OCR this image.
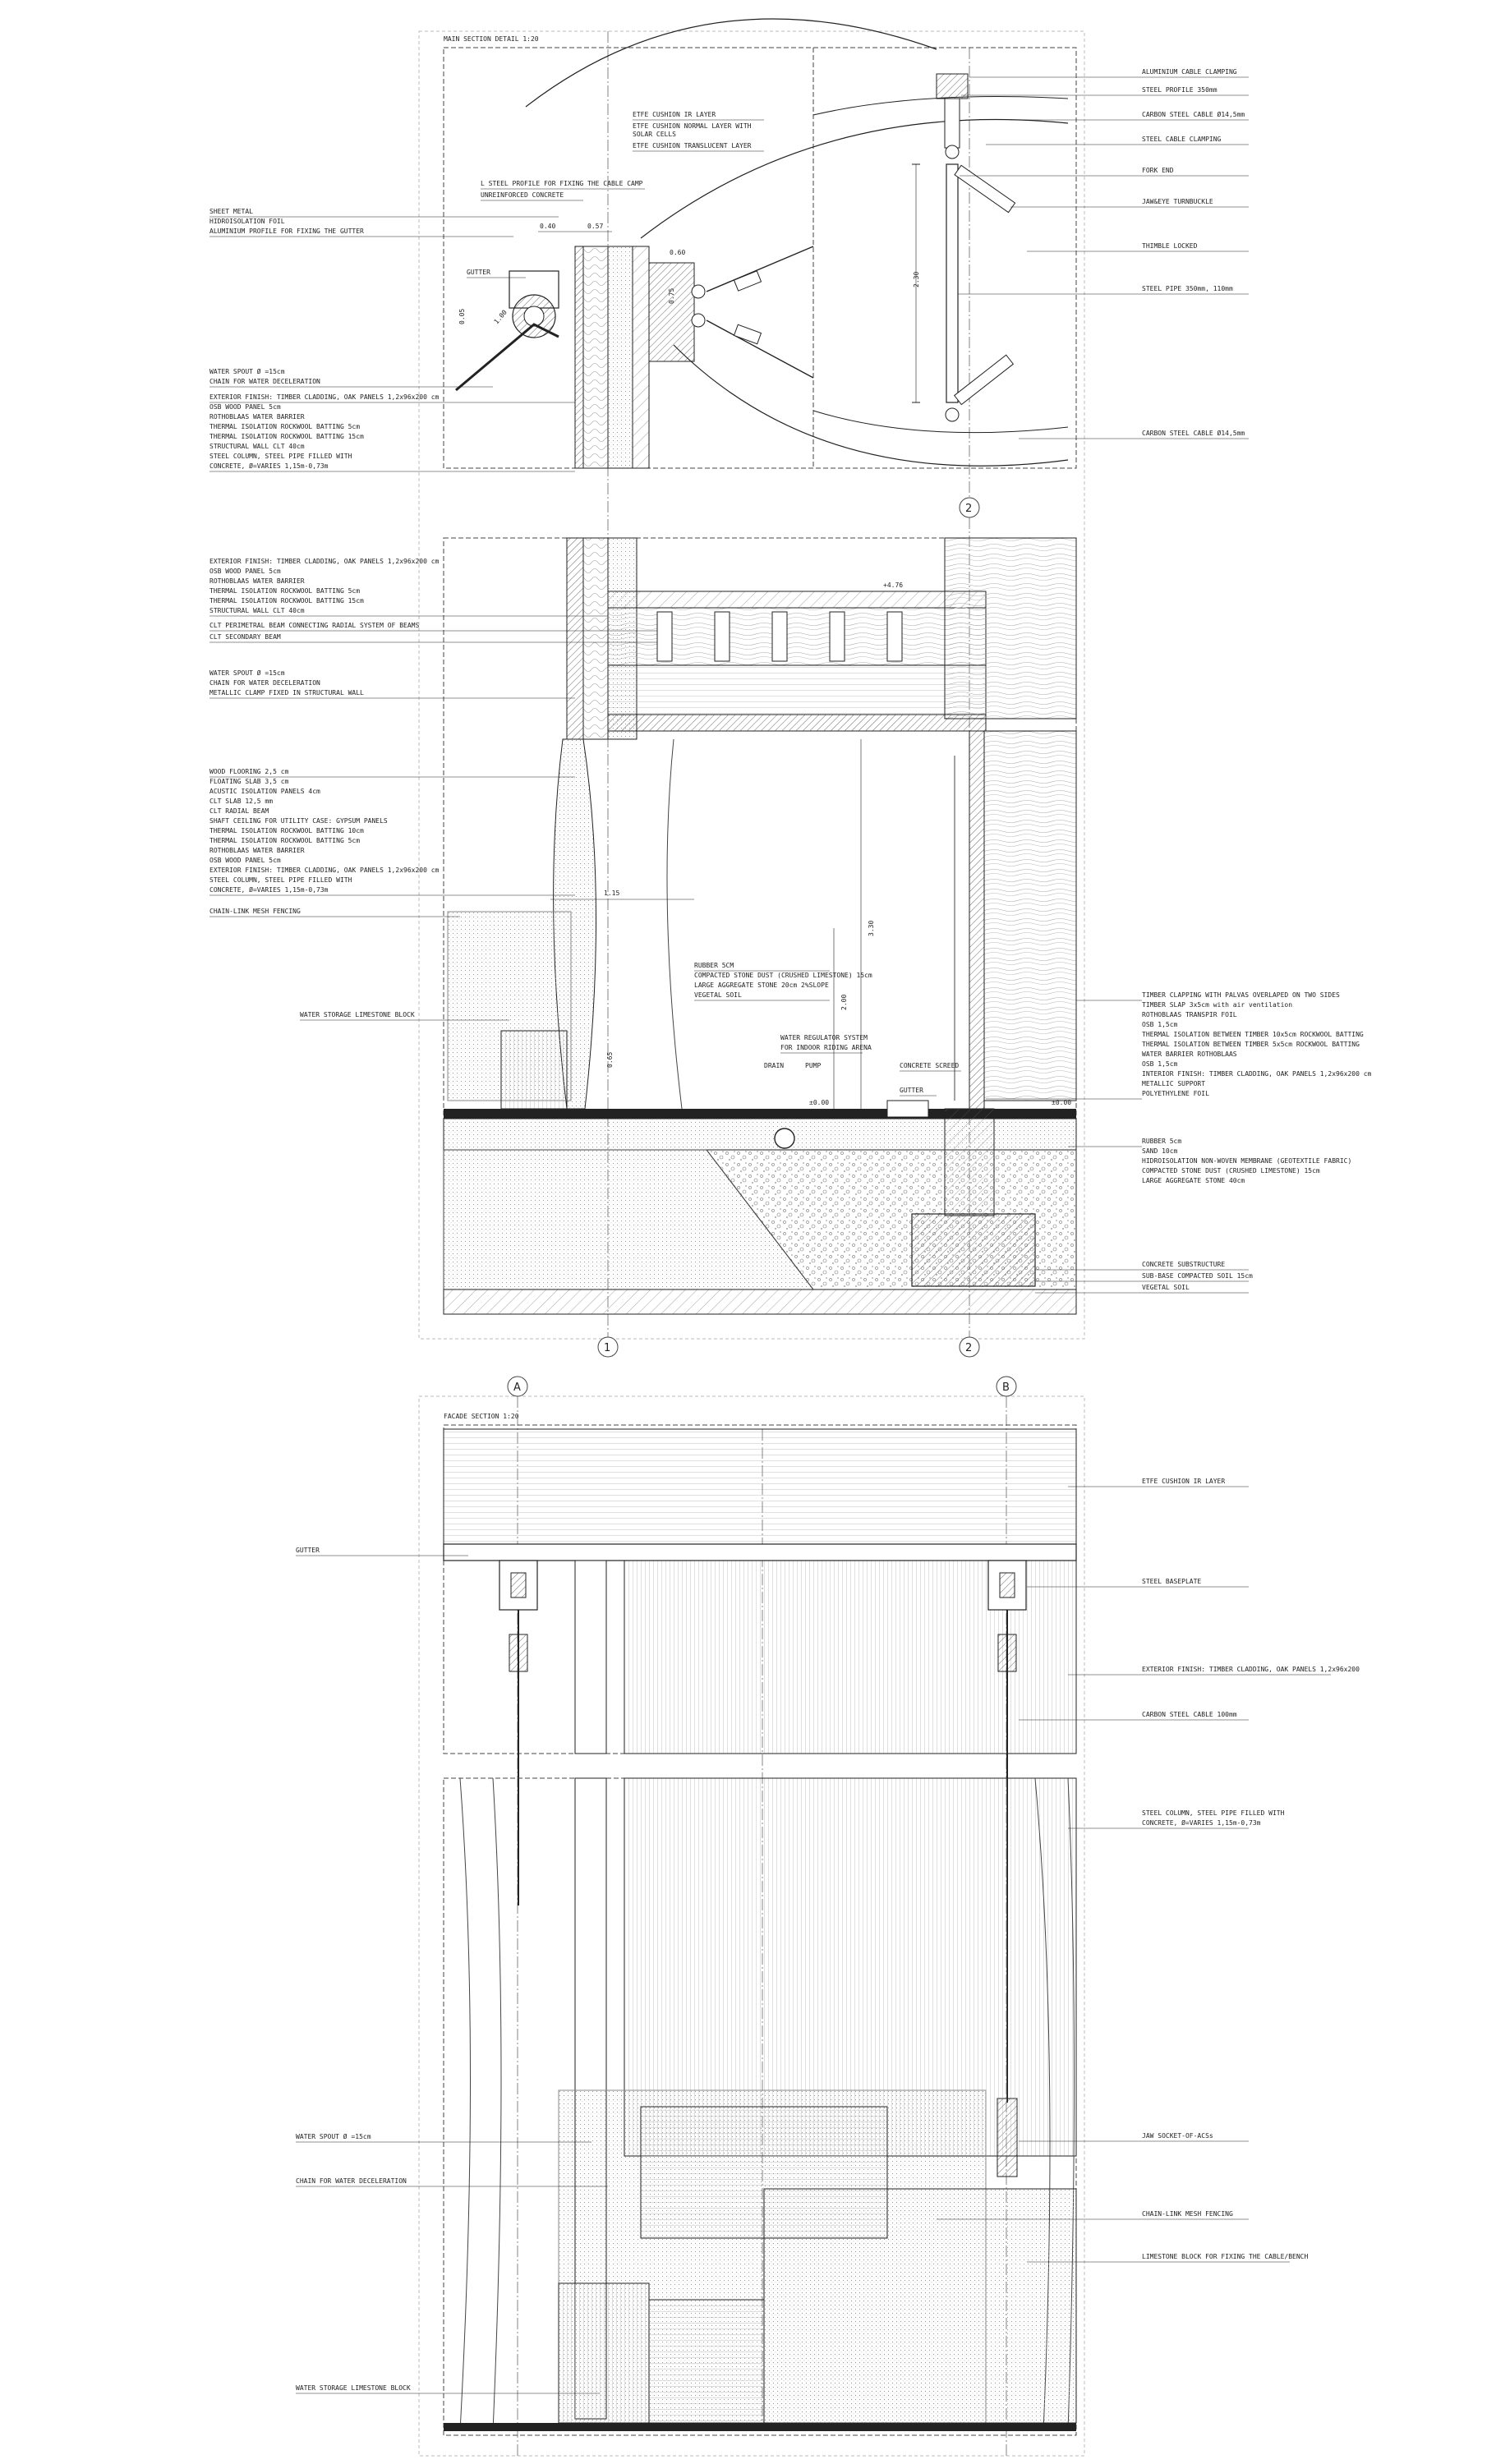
MAIN SECTION DETAIL 1:20
2.30
0.40	0.57
0.60
0.75
0.05	1.00
SHEET METAL
HIDROISOLATION FOIL
ALUMINIUM PROFILE FOR FIXING THE GUTTER
WATER SPOUT Ø =15cm
CHAIN FOR WATER DECELERATION
EXTERIOR FINISH: TIMBER CLADDING, OAK PANELS 1,2x96x200 cm
OSB WOOD PANEL 5cm
ROTHOBLAAS WATER BARRIER
THERMAL ISOLATION ROCKWOOL BATTING 5cm
THERMAL ISOLATION ROCKWOOL BATTING 15cm
STRUCTURAL WALL CLT 40cm
STEEL COLUMN, STEEL PIPE FILLED WITH
CONCRETE, Ø=VARIES 1,15m-0,73m
ETFE CUSHION IR LAYER
ETFE CUSHION NORMAL LAYER WITH
SOLAR CELLS
ETFE CUSHION TRANSLUCENT LAYER
L STEEL PROFILE FOR FIXING THE CABLE CAMP
UNREINFORCED CONCRETE
GUTTER
ALUMINIUM CABLE CLAMPING
STEEL PROFILE 350mm
CARBON STEEL CABLE Ø14,5mm
STEEL CABLE CLAMPING
FORK END
JAW&EYE TURNBUCKLE
THIMBLE LOCKED
STEEL PIPE 350mm, 110mm
CARBON STEEL CABLE Ø14,5mm
2
1.15
3.30
2.00
0.65
+4.76
±0.00	±0.00
EXTERIOR FINISH: TIMBER CLADDING, OAK PANELS 1,2x96x200 cm
OSB WOOD PANEL 5cm
ROTHOBLAAS WATER BARRIER
THERMAL ISOLATION ROCKWOOL BATTING 5cm
THERMAL ISOLATION ROCKWOOL BATTING 15cm
STRUCTURAL WALL CLT 40cm
CLT PERIMETRAL BEAM CONNECTING RADIAL SYSTEM OF BEAMS
CLT SECONDARY BEAM
WATER SPOUT Ø =15cm
CHAIN FOR WATER DECELERATION
METALLIC CLAMP FIXED IN STRUCTURAL WALL
WOOD FLOORING 2,5 cm
FLOATING SLAB 3,5 cm
ACUSTIC ISOLATION PANELS 4cm
CLT SLAB 12,5 mm
CLT RADIAL BEAM
SHAFT CEILING FOR UTILITY CASE: GYPSUM PANELS
THERMAL ISOLATION ROCKWOOL BATTING 10cm
THERMAL ISOLATION ROCKWOOL BATTING 5cm
ROTHOBLAAS WATER BARRIER
OSB WOOD PANEL 5cm
EXTERIOR FINISH: TIMBER CLADDING, OAK PANELS 1,2x96x200 cm
STEEL COLUMN, STEEL PIPE FILLED WITH
CONCRETE, Ø=VARIES 1,15m-0,73m
CHAIN-LINK MESH FENCING
WATER STORAGE LIMESTONE BLOCK
RUBBER 5CM
COMPACTED STONE DUST (CRUSHED LIMESTONE) 15cm
LARGE AGGREGATE STONE 20cm 2%SLOPE
VEGETAL SOIL
WATER REGULATOR SYSTEM
FOR INDOOR RIDING ARENA
DRAIN	PUMP	CONCRETE SCREED
GUTTER
TIMBER CLAPPING WITH PALVAS OVERLAPED ON TWO SIDES
TIMBER SLAP 3x5cm with air ventilation
ROTHOBLAAS TRANSPIR FOIL
OSB 1,5cm
THERMAL ISOLATION BETWEEN TIMBER 10x5cm ROCKWOOL BATTING
THERMAL ISOLATION BETWEEN TIMBER 5x5cm ROCKWOOL BATTING
WATER BARRIER ROTHOBLAAS
OSB 1,5cm
INTERIOR FINISH: TIMBER CLADDING, OAK PANELS 1,2x96x200 cm
METALLIC SUPPORT
POLYETHYLENE FOIL
RUBBER 5cm
SAND 10cm
HIDROISOLATION NON-WOVEN MEMBRANE (GEOTEXTILE FABRIC)
COMPACTED STONE DUST (CRUSHED LIMESTONE) 15cm
LARGE AGGREGATE STONE 40cm
CONCRETE SUBSTRUCTURE
SUB-BASE COMPACTED SOIL 15cm
VEGETAL SOIL
1	2
A	B
FACADE SECTION 1:20
GUTTER
WATER SPOUT Ø =15cm
CHAIN FOR WATER DECELERATION
WATER STORAGE LIMESTONE BLOCK
ETFE CUSHION IR LAYER
STEEL BASEPLATE
EXTERIOR FINISH: TIMBER CLADDING, OAK PANELS 1,2x96x200
CARBON STEEL CABLE 100mm
STEEL COLUMN, STEEL PIPE FILLED WITH
CONCRETE, Ø=VARIES 1,15m-0,73m
JAW SOCKET-OF-ACSs
CHAIN-LINK MESH FENCING
LIMESTONE BLOCK FOR FIXING THE CABLE/BENCH
